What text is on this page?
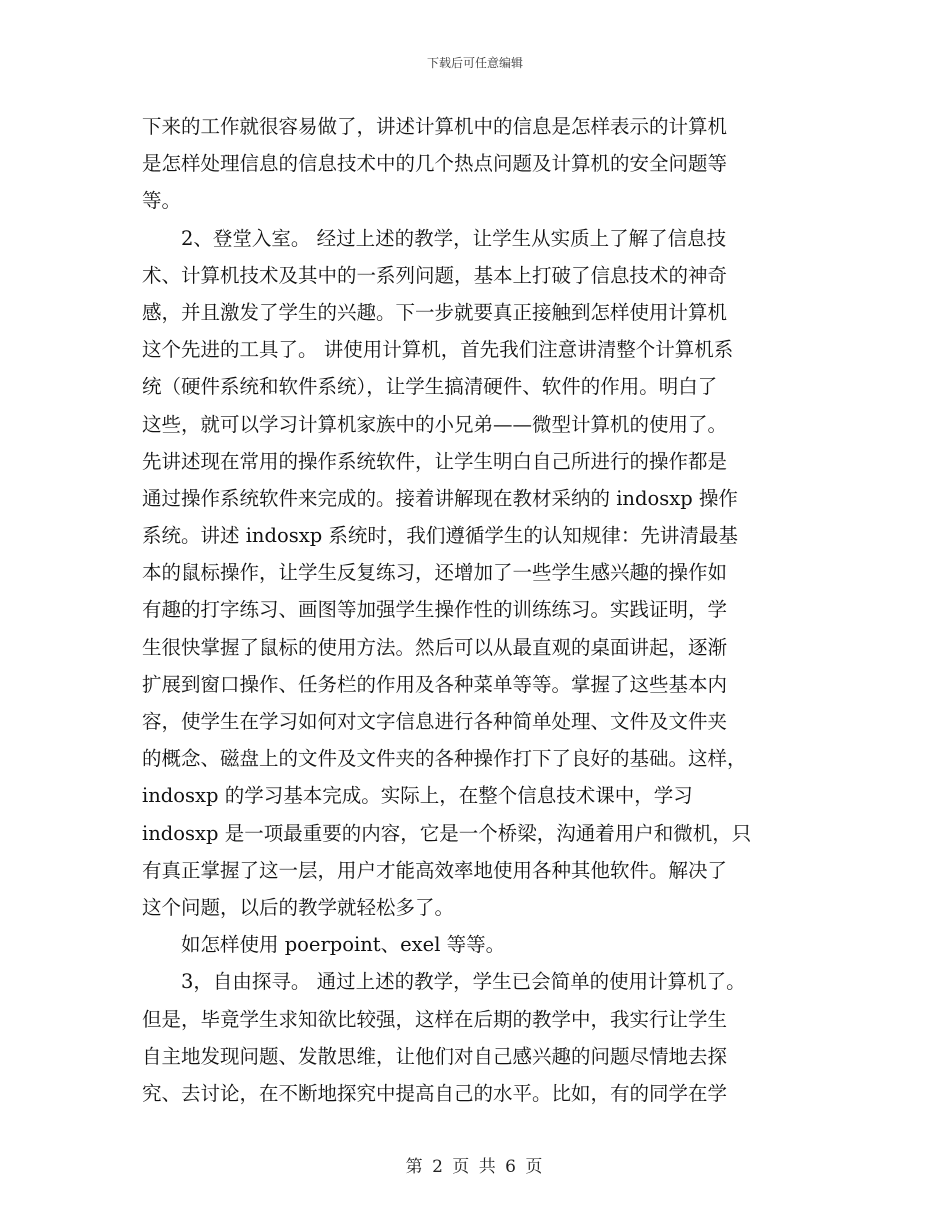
下载后可任意编辑
下来的工作就很容易做了，讲述计算机中的信息是怎样表示的计算机
是怎样处理信息的信息技术中的几个热点问题及计算机的安全问题等
等。
　　2、登堂入室。 经过上述的教学，让学生从实质上了解了信息技
术、计算机技术及其中的一系列问题，基本上打破了信息技术的神奇
感，并且激发了学生的兴趣。下一步就要真正接触到怎样使用计算机
这个先进的工具了。 讲使用计算机，首先我们注意讲清整个计算机系
统（硬件系统和软件系统），让学生搞清硬件、软件的作用。明白了
这些，就可以学习计算机家族中的小兄弟——微型计算机的使用了。
先讲述现在常用的操作系统软件，让学生明白自己所进行的操作都是
通过操作系统软件来完成的。接着讲解现在教材采纳的 indosxp 操作
系统。讲述 indosxp 系统时，我们遵循学生的认知规律：先讲清最基
本的鼠标操作，让学生反复练习，还增加了一些学生感兴趣的操作如
有趣的打字练习、画图等加强学生操作性的训练练习。实践证明，学
生很快掌握了鼠标的使用方法。然后可以从最直观的桌面讲起，逐渐
扩展到窗口操作、任务栏的作用及各种菜单等等。掌握了这些基本内
容，使学生在学习如何对文字信息进行各种简单处理、文件及文件夹
的概念、磁盘上的文件及文件夹的各种操作打下了良好的基础。这样，
indosxp 的学习基本完成。实际上，在整个信息技术课中，学习
indosxp 是一项最重要的内容，它是一个桥梁，沟通着用户和微机，只
有真正掌握了这一层，用户才能高效率地使用各种其他软件。解决了
这个问题，以后的教学就轻松多了。
　　如怎样使用 poerpoint、exel 等等。
　　3，自由探寻。 通过上述的教学，学生已会简单的使用计算机了。
但是，毕竟学生求知欲比较强，这样在后期的教学中，我实行让学生
自主地发现问题、发散思维，让他们对自己感兴趣的问题尽情地去探
究、去讨论，在不断地探究中提高自己的水平。比如，有的同学在学
第 2 页 共 6 页
